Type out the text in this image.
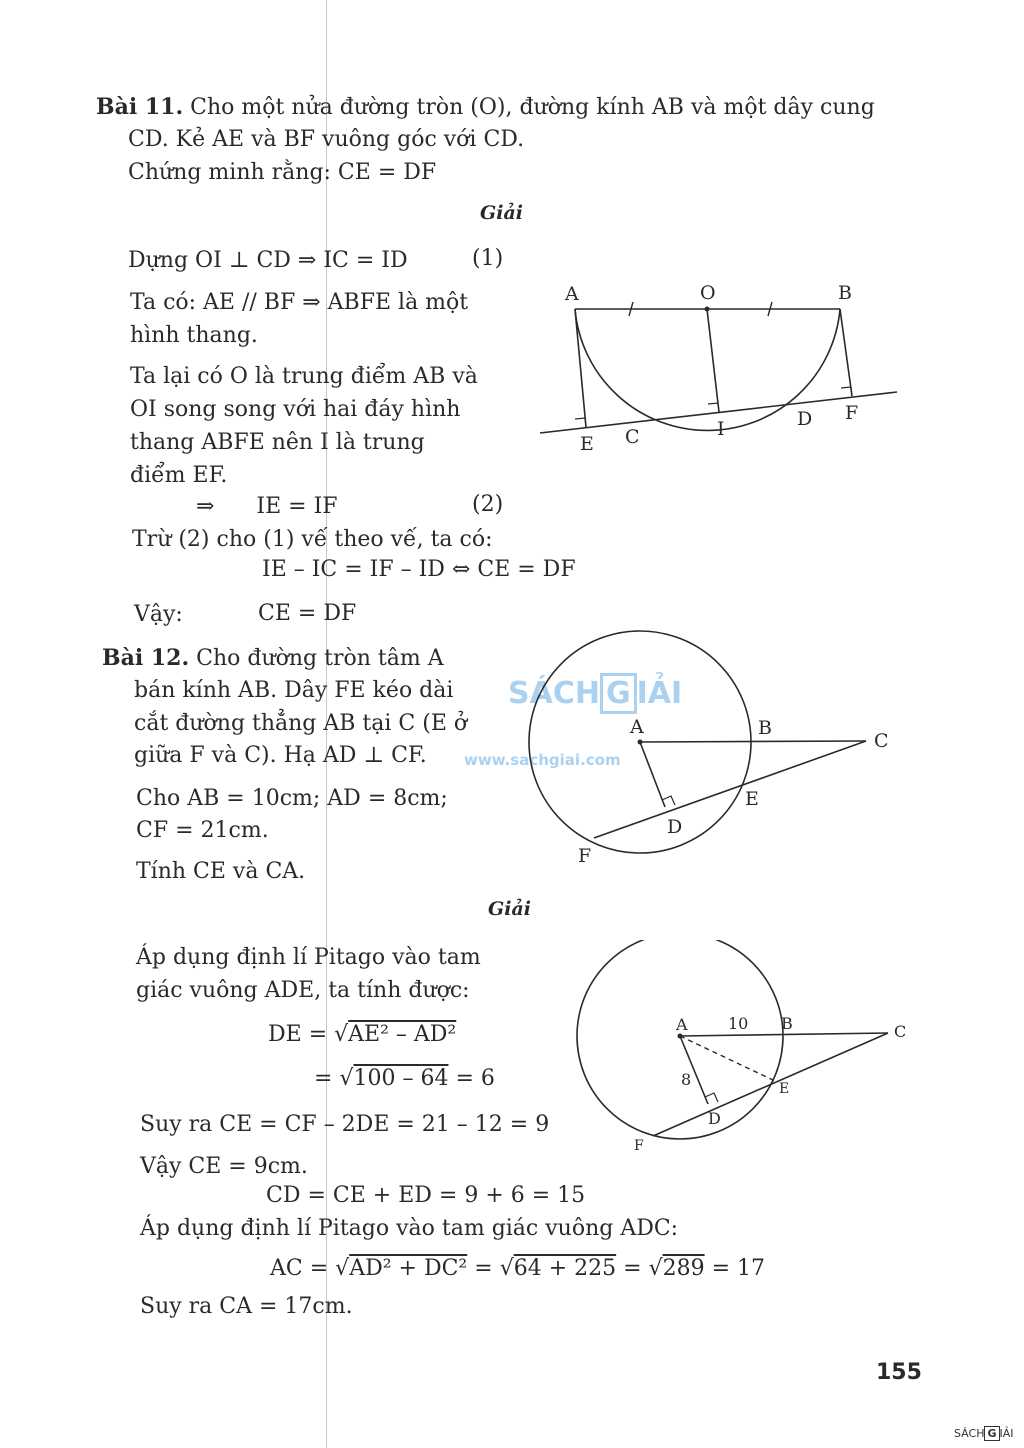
Bài 11. Cho một nửa đường tròn (O), đường kính AB và một dây cung
CD. Kẻ AE và BF vuông góc với CD.
Chứng minh rằng: CE = DF
Giải
Dựng OI ⊥ CD ⇒ IC = ID	(1)
Ta có: AE // BF ⇒ ABFE là một
hình thang.
Ta lại có O là trung điểm AB và
OI song song với hai đáy hình
thang ABFE nên I là trung
điểm EF.
⇒      IE = IF	(2)
Trừ (2) cho (1) vế theo vế, ta có:
IE – IC = IF – ID ⇔ CE = DF
Vậy:	CE = DF
A	O	B
E C	I	D F
Bài 12. Cho đường tròn tâm A
bán kính AB. Dây FE kéo dài
cắt đường thẳng AB tại C (E ở
giữa F và C). Hạ AD ⊥ CF.
Cho AB = 10cm; AD = 8cm;
CF = 21cm.
Tính CE và CA.
SÁCH G IẢI
www.sachgiai.com
A	B
C
E
D
F
Giải
Áp dụng định lí Pitago vào tam
giác vuông ADE, ta tính được:
DE = √AE² – AD²
= √100 – 64 = 6
Suy ra CE = CF – 2DE = 21 – 12 = 9
Vậy CE = 9cm.
CD = CE + ED = 9 + 6 = 15
Áp dụng định lí Pitago vào tam giác vuông ADC:
AC = √AD² + DC² = √64 + 225 = √289 = 17
Suy ra CA = 17cm.
A	10 B	C
8	E
D
F
155
SÁCH G IẢI
